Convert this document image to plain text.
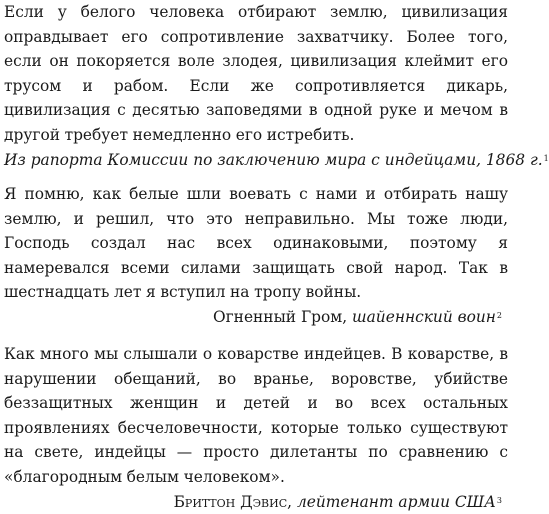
Если у белого человека отбирают землю, цивилизация оправдывает его сопротивление захватчику. Более того, если он покоряется воле злодея, цивилизация клеймит его трусом и рабом. Если же сопротивляется дикарь, цивилизация с десятью заповедями в одной руке и мечом в другой требует немедленно его истребить.

Из рапорта Комиссии по заключению мира с индейцами, 1868 г.$^1$

Я помню, как белые шли воевать с нами и отбирать нашу землю, и решил, что это неправильно. Мы тоже люди, Господь создал нас всех одинаковыми, поэтому я намеревался всеми силами защищать свой народ. Так в шестнадцать лет я вступил на тропу войны.

Огненный Гром, шайеннский воин$^2$

Как много мы слышали о коварстве индейцев. В коварстве, в нарушении обещаний, во вранье, воровстве, убийстве беззащитных женщин и детей и во всех остальных проявлениях бесчеловечности, которые только существуют на свете, индейцы — просто дилетанты по сравнению с «благородным белым человеком».

Бриттон Дэвис, лейтенант армии США$^3$
